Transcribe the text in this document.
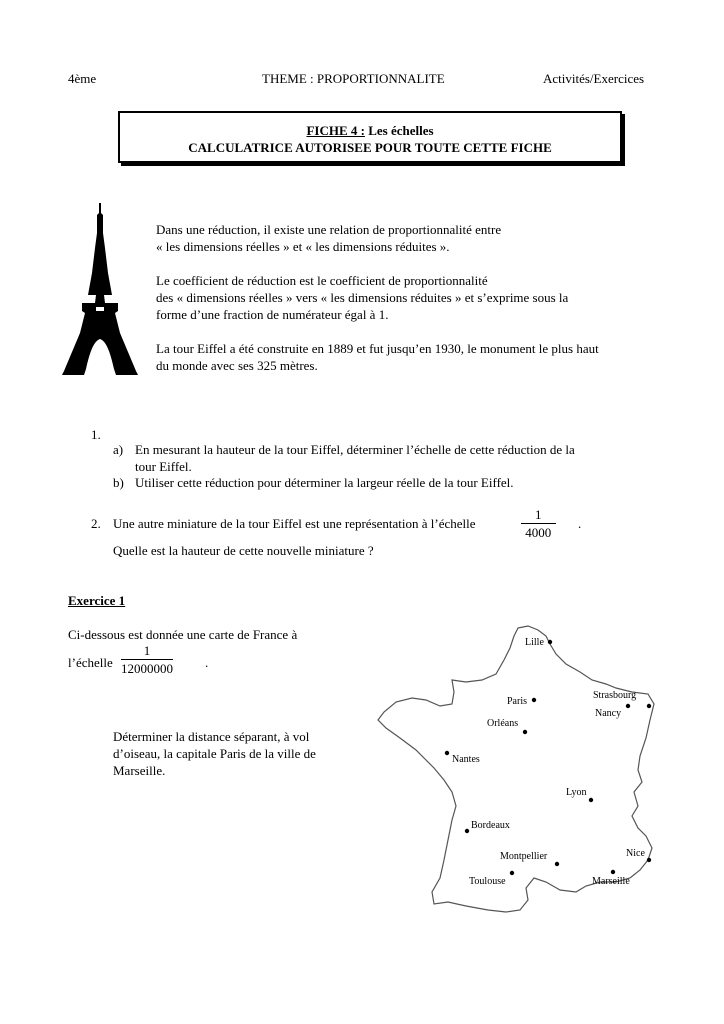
4ème	THEME : PROPORTIONNALITE	Activités/Exercices
FICHE 4 : Les échelles
CALCULATRICE AUTORISEE POUR TOUTE CETTE FICHE

Dans une réduction, il existe une relation de proportionnalité entre

« les dimensions réelles » et « les dimensions réduites ».

Le coefficient de réduction est le coefficient de proportionnalité

des « dimensions réelles » vers « les dimensions réduites » et s’exprime sous la

forme d’une fraction de numérateur égal à 1.

La tour Eiffel a été construite en 1889 et fut jusqu’en 1930, le monument le plus haut

du monde avec ses 325 mètres.

1.
a) En mesurant la hauteur de la tour Eiffel, déterminer l’échelle de cette réduction de la

tour Eiffel.

b) Utiliser cette réduction pour déterminer la largeur réelle de la tour Eiffel.
2. Une autre miniature de la tour Eiffel est une représentation à l’échelle	$\frac{1}{4000}$ .
Quelle est la hauteur de cette nouvelle miniature ?
Exercice 1
Ci-dessous est donnée une carte de France à
l’échelle $\frac{1}{12000000}$ .

Déterminer la distance séparant, à vol

d’oiseau, la capitale Paris de la ville de

Marseille.

Lille
Paris
Strasbourg
Nancy
Orléans
Nantes
Lyon
Bordeaux
Montpellier	Nice
Toulouse	Marseille
